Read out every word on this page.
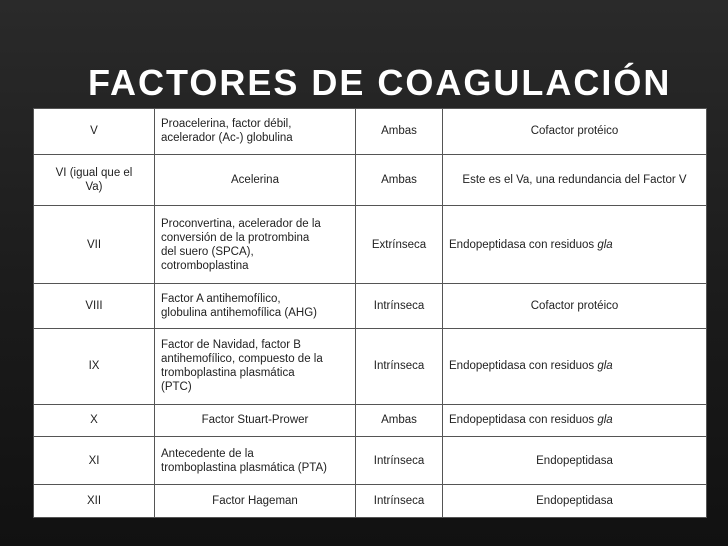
FACTORES DE COAGULACIÓN
V	Proacelerina, factor débil,
acelerador (Ac-) globulina	Ambas	Cofactor protéico
VI (igual que el
Va)	Acelerina	Ambas	Este es el Va, una redundancia del Factor V
VII	Proconvertina, acelerador de la
conversión de la protrombina
del suero (SPCA),
cotromboplastina	Extrínseca	Endopeptidasa con residuos gla
VIII	Factor A antihemofílico,
globulina antihemofílica (AHG)	Intrínseca	Cofactor protéico
IX	Factor de Navidad, factor B
antihemofílico, compuesto de la
tromboplastina plasmática
(PTC)	Intrínseca	Endopeptidasa con residuos gla
X	Factor Stuart-Prower	Ambas	Endopeptidasa con residuos gla
XI	Antecedente de la
tromboplastina plasmática (PTA)	Intrínseca	Endopeptidasa
XII	Factor Hageman	Intrínseca	Endopeptidasa
